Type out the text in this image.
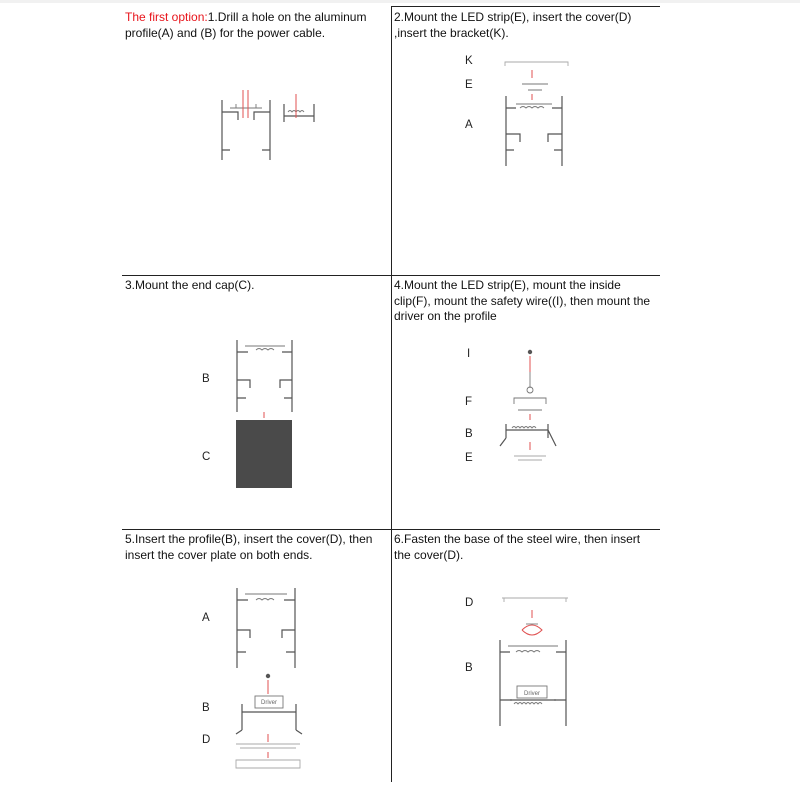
The first option:1.Drill a hole on the aluminum profile(A) and (B) for the power cable.
2.Mount the LED strip(E), insert the cover(D) ,insert the bracket(K).
3.Mount the end cap(C).	4.Mount the LED strip(E), mount the inside clip(F), mount the safety wire((I), then mount the driver on the profile
5.Insert the profile(B), insert the cover(D), then insert the cover plate on both ends.
6.Fasten the base of the steel wire, then insert the cover(D).
K
E
A
B
C
I
F
B
E
A
B
D
D
B
Driver
Driver
